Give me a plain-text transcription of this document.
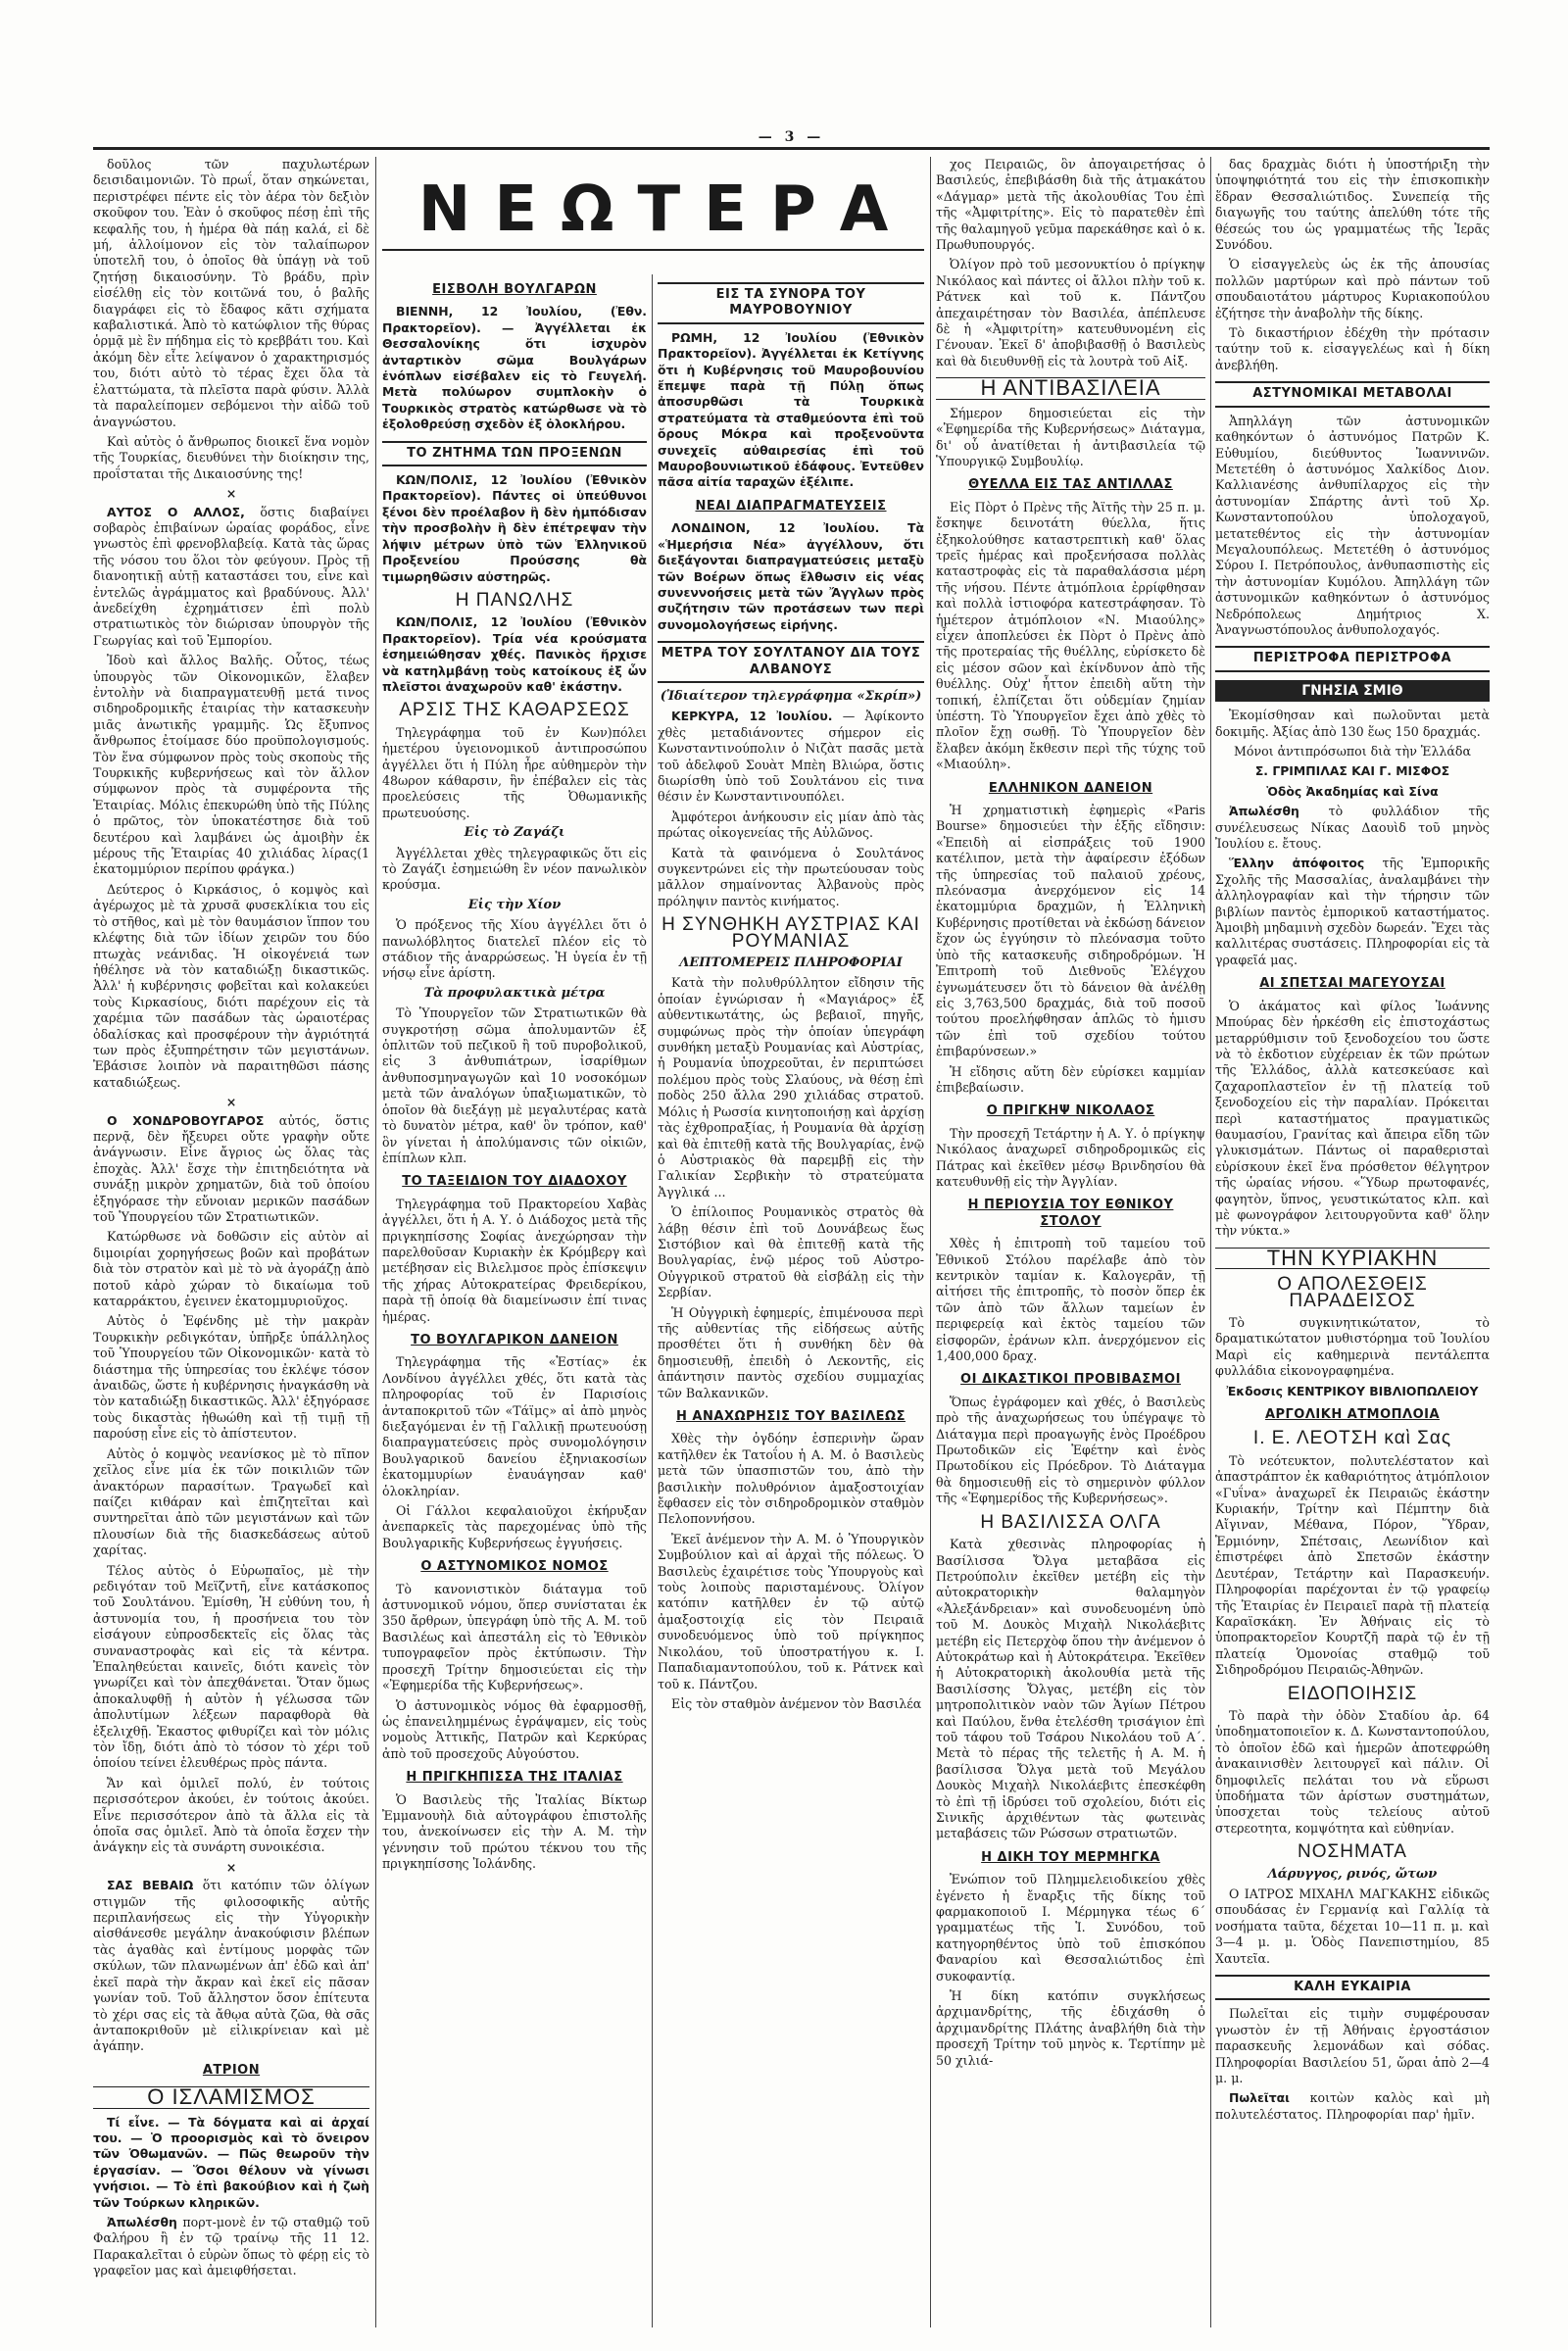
— 3 —

δοῦλος τῶν παχυλωτέρων δεισιδαιμονιῶν. Τὸ πρωΐ, ὅταν σηκώνεται, περιστρέφει πέντε εἰς τὸν ἀέρα τὸν δεξιὸν σκοῦφον του. Ἐὰν ὁ σκοῦφος πέσῃ ἐπὶ τῆς κεφαλῆς του, ἡ ἡμέρα θὰ πάῃ καλά, εἰ δὲ μή, ἀλλοίμονον εἰς τὸν ταλαίπωρον ὑποτελῆ του, ὁ ὁποῖος θὰ ὑπάγῃ νὰ τοῦ ζητήσῃ δικαιοσύνην. Τὸ βράδυ, πρὶν εἰσέλθῃ εἰς τὸν κοιτῶνά του, ὁ βαλῆς διαγράφει εἰς τὸ ἔδαφος κᾶτι σχήματα καβαλιστικά. Ἀπὸ τὸ κατώφλιον τῆς θύρας ὁρμᾷ μὲ ἓν πήδημα εἰς τὸ κρεββάτι του. Καὶ ἀκόμη δὲν εἶτε λείψανον ὁ χαρακτηρισμός του, διότι αὐτὸ τὸ τέρας ἔχει ὅλα τὰ ἐλαττώματα, τὰ πλεῖστα παρὰ φύσιν. Ἀλλὰ τὰ παραλείπομεν σεβόμενοι τὴν αἰδῶ τοῦ ἀναγνώστου.

Καὶ αὐτὸς ὁ ἄνθρωπος διοικεῖ ἕνα νομὸν τῆς Τουρκίας, διευθύνει τὴν διοίκησιν της, προΐσταται τῆς Δικαιοσύνης της!

×

ΑΥΤΟΣ Ο ΑΛΛΟΣ, ὅστις διαβαίνει σοβαρὸς ἐπιβαίνων ὡραίας φοράδος, εἶνε γνωστὸς ἐπὶ φρενοβλαβείᾳ. Κατὰ τὰς ὥρας τῆς νόσου του ὅλοι τὸν φεύγουν. Πρὸς τῇ διανοητικῇ αὐτῇ καταστάσει του, εἶνε καὶ ἐντελῶς ἀγράμματος καὶ βραδύνους. Ἀλλ' ἀνεδείχθη ἐχρημάτισεν ἐπὶ πολὺ στρατιωτικὸς τὸν διώρισαν ὑπουργὸν τῆς Γεωργίας καὶ τοῦ Ἐμπορίου.

Ἰδοὺ καὶ ἄλλος Βαλῆς. Οὗτος, τέως ὑπουργὸς τῶν Οἰκονομικῶν, ἔλαβεν ἐντολὴν νὰ διαπραγματευθῇ μετά τινος σιδηροδρομικῆς ἑταιρίας τὴν κατασκευὴν μιᾶς ἀνωτικῆς γραμμῆς. Ὡς ἔξυπνος ἄνθρωπος ἐτοίμασε δύο προϋπολογισμούς. Τὸν ἕνα σύμφωνον πρὸς τοὺς σκοποὺς τῆς Τουρκικῆς κυβερνήσεως καὶ τὸν ἄλλον σύμφωνον πρὸς τὰ συμφέροντα τῆς Ἑταιρίας. Μόλις ἐπεκυρώθη ὑπὸ τῆς Πύλης ὁ πρῶτος, τὸν ὑποκατέστησε διὰ τοῦ δευτέρου καὶ λαμβάνει ὡς ἀμοιβὴν ἐκ μέρους τῆς Ἑταιρίας 40 χιλιάδας λίρας(1 ἑκατομμύριον περίπου φράγκα.)

Δεύτερος ὁ Κιρκάσιος, ὁ κομψὸς καὶ ἀγέρωχος μὲ τὰ χρυσᾶ φυσεκλίκια του εἰς τὸ στῆθος, καὶ μὲ τὸν θαυμάσιον ἵππον του κλέφτης διὰ τῶν ἰδίων χειρῶν του δύο πτωχὰς νεάνιδας. Ἡ οἰκογένειά των ἠθέλησε νὰ τὸν καταδιώξῃ δικαστικῶς. Ἀλλ' ἡ κυβέρνησις φοβεῖται καὶ κολακεύει τοὺς Κιρκασίους, διότι παρέχουν εἰς τὰ χαρέμια τῶν πασάδων τὰς ὡραιοτέρας ὀδαλίσκας καὶ προσφέρουν τὴν ἀγριότητά των πρὸς ἐξυπηρέτησιν τῶν μεγιστάνων. Ἐβάσισε λοιπὸν νὰ παραιτηθῶσι πάσης καταδιώξεως.

×

Ο ΧΟΝΔΡΟΒΟΥΓΑΡΟΣ αὐτός, ὅστις περνᾷ, δὲν ἤξευρει οὔτε γραφὴν οὔτε ἀνάγνωσιν. Εἶνε ἄγριος ὡς ὅλας τὰς ἐποχὰς. Ἀλλ' ἔσχε τὴν ἐπιτηδειότητα νὰ συνάξῃ μικρὸν χρηματῶν, διὰ τοῦ ὁποίου ἐξηγόρασε τὴν εὔνοιαν μερικῶν πασάδων τοῦ Ὑπουργείου τῶν Στρατιωτικῶν.

Κατώρθωσε νὰ δοθῶσιν εἰς αὐτὸν αἱ διμοιρίαι χορηγήσεως βοῶν καὶ προβάτων διὰ τὸν στρατὸν καὶ μὲ τὸ νὰ ἀγοράζῃ ἀπὸ ποτοῦ κἀρὸ χώραν τὸ δικαίωμα τοῦ καταρράκτου, ἐγεινεν ἑκατομμυριοῦχος.

Αὐτὸς ὁ Ἐφένδης μὲ τὴν μακρὰν Τουρκικὴν ρεδιγκόταν, ὑπῆρξε ὑπάλληλος τοῦ Ὑπουργείου τῶν Οἰκονομικῶν· κατὰ τὸ διάστημα τῆς ὑπηρεσίας του ἐκλέψε τόσον ἀναιδῶς, ὥστε ἡ κυβέρνησις ἠναγκάσθη νὰ τὸν καταδιώξῃ δικαστικῶς. Ἀλλ' ἐξηγόρασε τοὺς δικαστὰς ἠθωώθη καὶ τῇ τιμῇ τῇ παρούσῃ εἶνε εἰς τὸ ἀπίστευτον.

Αὐτὸς ὁ κομψὸς νεανίσκος μὲ τὸ πῖπον χεῖλος εἶνε μία ἐκ τῶν ποικιλιῶν τῶν ἀνακτόρων παρασίτων. Τραγωδεῖ καὶ παίζει κιθάραν καὶ ἐπιζητεῖται καὶ συντηρεῖται ἀπὸ τῶν μεγιστάνων καὶ τῶν πλουσίων διὰ τῆς διασκεδάσεως αὐτοῦ χαρίτας.

Τέλος αὐτὸς ὁ Εὐρωπαῖος, μὲ τὴν ρεδιγόταν τοῦ Μεϊζντῆ, εἶνε κατάσκοπος τοῦ Σουλτάνου. Ἐμίσθη, Ἡ εὐθύνη του, ἡ ἀστυνομία του, ἡ προσήνεια του τὸν εἰσάγουν εὐπροσδεκτεῖς εἰς ὅλας τὰς συναναστροφὰς καὶ εἰς τὰ κέντρα. Ἐπαληθεύεται καινεῖς, διότι κανεὶς τὸν γνωρίζει καὶ τὸν ἀπεχθάνεται. Ὅταν ὅμως ἀποκαλυφθῇ ἡ αὐτὸν ἡ γέλωσσα τῶν ἀπολυτίμων λέξεων παραφθορὰ θὰ ἐξελιχθῇ. Ἐκαστος φιθυρίζει καὶ τὸν μόλις τὸν ἴδῃ, διότι ἀπὸ τὸ τόσον τὸ χέρι τοῦ ὁποίου τείνει ἐλευθέρως πρὸς πάντα.

Ἄν καὶ ὁμιλεῖ πολύ, ἐν τούτοις περισσότερον ἀκούει, ἐν τούτοις ἀκούει. Εἶνε περισσότερον ἀπὸ τὰ ἄλλα εἰς τὰ ὁποῖα σας ὁμιλεῖ. Ἀπὸ τὰ ὁποῖα ἔσχεν τὴν ἀνάγκην εἰς τὰ συνάρτη συνοικέσια.

×

ΣΑΣ ΒΕΒΑΙΩ ὅτι κατόπιν τῶν ὀλίγων στιγμῶν τῆς φιλοσοφικῆς αὐτῆς περιπλανήσεως εἰς τὴν Υὐγορικὴν αἰσθάνεσθε μεγάλην ἀνακούφισιν βλέπων τὰς ἀγαθὰς καὶ ἐντίμους μορφὰς τῶν σκύλων, τῶν πλανωμένων ἀπ' ἐδῶ καὶ ἀπ' ἐκεῖ παρὰ τὴν ἄκραν καὶ ἐκεῖ εἰς πᾶσαν γωνίαν τοῦ. Τοῦ ἄλληστον ὅσον ἐπίτευτα τὸ χέρι σας εἰς τὰ ἄθῳα αὐτὰ ζῶα, θὰ σᾶς ἀνταποκριθοῦν μὲ εἰλικρίνειαν καὶ μὲ ἀγάπην.

ΑΤΡΙΟΝ
Ο ΙΣΛΑΜΙΣΜΟΣ

Τί εἶνε. — Τὰ δόγματα καὶ αἱ ἀρχαί του. — Ὁ προορισμὸς καὶ τὸ ὄνειρον τῶν Ὀθωμανῶν. — Πῶς θεωροῦν τὴν ἐργασίαν. — Ὅσοι θέλουν νὰ γίνωσι γνήσιοι. — Τὸ ἐπὶ βακούβιον καὶ ἡ ζωὴ τῶν Τούρκων κληρικῶν.

Ἀπωλέσθη πορτ-μονὲ ἐν τῷ σταθμῷ τοῦ Φαλήρου ἢ ἐν τῷ τραίνῳ τῆς 11 12. Παρακαλεῖται ὁ εὑρὼν ὅπως τὸ φέρῃ εἰς τὸ γραφεῖον μας καὶ ἀμειφθήσεται.

ΝΕΩΤΕΡΑ
ΕΙΣΒΟΛΗ ΒΟΥΛΓΑΡΩΝ

ΒΙΕΝΝΗ, 12 Ἰουλίου, (Ἐθν. Πρακτορεῖον). — Ἀγγέλλεται ἐκ Θεσσαλονίκης ὅτι ἰσχυρὸν ἀνταρτικὸν σῶμα Βουλγάρων ἐνόπλων εἰσέβαλεν εἰς τὸ Γευγελή. Μετὰ πολύωρον συμπλοκὴν ὁ Τουρκικὸς στρατὸς κατώρθωσε νὰ τὸ ἐξολοθρεύσῃ σχεδὸν ἐξ ὁλοκλήρου.

ΤΟ ΖΗΤΗΜΑ ΤΩΝ ΠΡΟΞΕΝΩΝ

ΚΩΝ/ΠΟΛΙΣ, 12 Ἰουλίου (Ἐθνικὸν Πρακτορεῖον). Πάντες οἱ ὑπεύθυνοι ξένοι δὲν προέλαβον ἢ δὲν ἠμπόδισαν τὴν προσβολὴν ἢ δὲν ἐπέτρεψαν τὴν λήψιν μέτρων ὑπὸ τῶν Ἑλληνικοῦ Προξενείου Προύσσης θὰ τιμωρηθῶσιν αὐστηρῶς.

Η ΠΑΝΩΛΗΣ

ΚΩΝ/ΠΟΛΙΣ, 12 Ἰουλίου (Ἐθνικὸν Πρακτορεῖον). Τρία νέα κρούσματα ἐσημειώθησαν χθές. Πανικὸς ἤρχισε νὰ κατηλμβάνῃ τοὺς κατοίκους ἐξ ὧν πλεῖστοι ἀναχωροῦν καθ' ἑκάστην.

ΑΡΣΙΣ ΤΗΣ ΚΑΘΑΡΣΕΩΣ

Τηλεγράφημα τοῦ ἐν Κων)πόλει ἡμετέρου ὑγειονομικοῦ ἀντιπροσώπου ἀγγέλλει ὅτι ἡ Πύλη ἦρε αὐθημερὸν τὴν 48ωρον κάθαρσιν, ἣν ἐπέβαλεν εἰς τὰς προελεύσεις τῆς Ὀθωμανικῆς πρωτευούσης.

Εἰς τὸ Ζαγάζι

Ἀγγέλλεται χθὲς τηλεγραφικῶς ὅτι εἰς τὸ Ζαγάζι ἐσημειώθη ἓν νέον πανωλικὸν κρούσμα.

Εἰς τὴν Χίον

Ὁ πρόξενος τῆς Χίου ἀγγέλλει ὅτι ὁ πανωλόβλητος διατελεῖ πλέον εἰς τὸ στάδιον τῆς ἀναρρώσεως. Ἡ ὑγεία ἐν τῇ νήσῳ εἶνε ἀρίστη.

Τὰ προφυλακτικὰ μέτρα

Τὸ Ὑπουργεῖον τῶν Στρατιωτικῶν θὰ συγκροτήσῃ σῶμα ἀπολυμαντῶν ἐξ ὁπλιτῶν τοῦ πεζικοῦ ἢ τοῦ πυροβολικοῦ, εἰς 3 ἀνθυπιάτρων, ἰσαρίθμων ἀνθυποσμηναγωγῶν καὶ 10 νοσοκόμων μετὰ τῶν ἀναλόγων ὑπαξιωματικῶν, τὸ ὁποῖον θὰ διεξάγῃ μὲ μεγαλυτέρας κατὰ τὸ δυνατὸν μέτρα, καθ' ὃν τρόπον, καθ' ὃν γίνεται ἡ ἀπολύμανσις τῶν οἰκιῶν, ἐπίπλων κλπ.

ΤΟ ΤΑΞΕΙΔΙΟΝ ΤΟΥ ΔΙΑΔΟΧΟΥ

Τηλεγράφημα τοῦ Πρακτορείου Χαβὰς ἀγγέλλει, ὅτι ἡ Α. Υ. ὁ Διάδοχος μετὰ τῆς πριγκηπίσσης Σοφίας ἀνεχώρησαν τὴν παρελθοῦσαν Κυριακὴν ἐκ Κρόμβεργ καὶ μετέβησαν εἰς Βιλελμσοε πρὸς ἐπίσκεψιν τῆς χήρας Αὐτοκρατείρας Φρειδερίκου, παρὰ τῇ ὁποίᾳ θὰ διαμείνωσιν ἐπί τινας ἡμέρας.

ΤΟ ΒΟΥΛΓΑΡΙΚΟΝ ΔΑΝΕΙΟΝ

Τηλεγράφημα τῆς «Ἑστίας» ἐκ Λονδίνου ἀγγέλλει χθές, ὅτι κατὰ τὰς πληροφορίας τοῦ ἐν Παρισίοις ἀνταποκριτοῦ τῶν «Τάϊμς» αἱ ἀπὸ μηνὸς διεξαγόμεναι ἐν τῇ Γαλλικῇ πρωτευούσῃ διαπραγματεύσεις πρὸς συνομολόγησιν Βουλγαρικοῦ δανείου ἐξηνιακοσίων ἑκατομμυρίων ἐναυάγησαν καθ' ὁλοκληρίαν.

Οἱ Γάλλοι κεφαλαιοῦχοι ἐκήρυξαν ἀνεπαρκεῖς τὰς παρεχομένας ὑπὸ τῆς Βουλγαρικῆς Κυβερνήσεως ἐγγυήσεις.

Ο ΑΣΤΥΝΟΜΙΚΟΣ ΝΟΜΟΣ

Τὸ κανονιστικὸν διάταγμα τοῦ ἀστυνομικοῦ νόμου, ὅπερ συνίσταται ἐκ 350 ἄρθρων, ὑπεγράφη ὑπὸ τῆς Α. Μ. τοῦ Βασιλέως καὶ ἀπεστάλη εἰς τὸ Ἐθνικὸν τυπογραφεῖον πρὸς ἐκτύπωσιν. Τὴν προσεχῆ Τρίτην δημοσιεύεται εἰς τὴν «Ἐφημερίδα τῆς Κυβερνήσεως».

Ὁ ἀστυνομικὸς νόμος θὰ ἐφαρμοσθῇ, ὡς ἐπανειλημμένως ἐγράψαμεν, εἰς τοὺς νομοὺς Ἀττικῆς, Πατρῶν καὶ Κερκύρας ἀπὸ τοῦ προσεχοῦς Αὐγούστου.

Η ΠΡΙΓΚΗΠΙΣΣΑ ΤΗΣ ΙΤΑΛΙΑΣ

Ὁ Βασιλεὺς τῆς Ἰταλίας Βίκτωρ Ἐμμανουὴλ διὰ αὐτογράφου ἐπιστολῆς του, ἀνεκοίνωσεν εἰς τὴν Α. Μ. τὴν γέννησιν τοῦ πρώτου τέκνου του τῆς πριγκηπίσσης Ἰολάνδης.

ΕΙΣ ΤΑ ΣΥΝΟΡΑ ΤΟΥ ΜΑΥΡΟΒΟΥΝΙΟΥ

ΡΩΜΗ, 12 Ἰουλίου (Ἐθνικὸν Πρακτορεῖον). Ἀγγέλλεται ἐκ Κετίγνης ὅτι ἡ Κυβέρνησις τοῦ Μαυροβουνίου ἔπεμψε παρὰ τῇ Πύλῃ ὅπως ἀποσυρθῶσι τὰ Τουρκικὰ στρατεύματα τὰ σταθμεύοντα ἐπὶ τοῦ ὄρους Μόκρα καὶ προξενοῦντα συνεχεῖς αὐθαιρεσίας ἐπὶ τοῦ Μαυροβουνιωτικοῦ ἐδάφους. Ἐντεῦθεν πᾶσα αἰτία ταραχῶν ἐξέλιπε.

ΝΕΑΙ ΔΙΑΠΡΑΓΜΑΤΕΥΣΕΙΣ

ΛΟΝΔΙΝΟΝ, 12 Ἰουλίου. Τὰ «Ἡμερήσια Νέα» ἀγγέλλουν, ὅτι διεξάγονται διαπραγματεύσεις μεταξὺ τῶν Βοέρων ὅπως ἔλθωσιν εἰς νέας συνεννοήσεις μετὰ τῶν Ἄγγλων πρὸς συζήτησιν τῶν προτάσεων των περὶ συνομολογήσεως εἰρήνης.

ΜΕΤΡΑ ΤΟΥ ΣΟΥΛΤΑΝΟΥ ΔΙΑ ΤΟΥΣ ΑΛΒΑΝΟΥΣ
(Ἰδιαίτερον τηλεγράφημα «Σκρίπ»)

ΚΕΡΚΥΡΑ, 12 Ἰουλίου. — Ἀφίκοντο χθὲς μεταδιάνοντες σήμερον εἰς Κωνσταντινούπολιν ὁ Νιζὰτ πασᾶς μετὰ τοῦ ἀδελφοῦ Σουὰτ Μπὲη Βλιώρα, ὅστις διωρίσθη ὑπὸ τοῦ Σουλτάνου εἰς τινα θέσιν ἐν Κωνσταντινουπόλει.

Ἀμφότεροι ἀνήκουσιν εἰς μίαν ἀπὸ τὰς πρώτας οἰκογενείας τῆς Αὐλῶνος.

Κατὰ τὰ φαινόμενα ὁ Σουλτάνος συγκεντρώνει εἰς τὴν πρωτεύουσαν τοὺς μᾶλλον σημαίνοντας Ἀλβανοὺς πρὸς πρόληψιν παντὸς κινήματος.

Η ΣΥΝΘΗΚΗ ΑΥΣΤΡΙΑΣ ΚΑΙ ΡΟΥΜΑΝΙΑΣ
ΛΕΠΤΟΜΕΡΕΙΣ ΠΛΗΡΟΦΟΡΙΑΙ

Κατὰ τὴν πολυθρύλλητον εἴδησιν τῆς ὁποίαν ἐγνώρισαν ἡ «Μαγιάρος» ἐξ αὐθεντικωτάτης, ὡς βεβαιοῖ, πηγῆς, συμφώνως πρὸς τὴν ὁποίαν ὑπεγράφη συνθήκη μεταξὺ Ρουμανίας καὶ Αὐστρίας, ἡ Ρουμανία ὑποχρεοῦται, ἐν περιπτώσει πολέμου πρὸς τοὺς Σλαύους, νὰ θέσῃ ἐπὶ ποδὸς 250 ἄλλα 290 χιλιάδας στρατοῦ. Μόλις ἡ Ρωσσία κινητοποιήσῃ καὶ ἀρχίσῃ τὰς ἐχθροπραξίας, ἡ Ρουμανία θὰ ἀρχίσῃ καὶ θὰ ἐπιτεθῇ κατὰ τῆς Βουλγαρίας, ἐνῷ ὁ Αὐστριακὸς θὰ παρεμβῇ εἰς τὴν Γαλικίαν Σερβικὴν τὸ στρατεύματα Ἀγγλικά ...

Ὁ ἐπίλοιπος Ρουμανικὸς στρατὸς θὰ λάβῃ θέσιν ἐπὶ τοῦ Δουνάβεως ἕως Σιστόβιον καὶ θὰ ἐπιτεθῇ κατὰ τῆς Βουλγαρίας, ἐνῷ μέρος τοῦ Αὐστρο-Οὐγγρικοῦ στρατοῦ θὰ εἰσβάλῃ εἰς τὴν Σερβίαν.

Ἡ Οὐγγρικὴ ἐφημερίς, ἐπιμένουσα περὶ τῆς αὐθεντίας τῆς εἰδήσεως αὐτῆς προσθέτει ὅτι ἡ συνθήκη δὲν θὰ δημοσιευθῇ, ἐπειδὴ ὁ Λεκοντῆς, εἰς ἀπάντησιν παντὸς σχεδίου συμμαχίας τῶν Βαλκανικῶν.

Η ΑΝΑΧΩΡΗΣΙΣ ΤΟΥ ΒΑΣΙΛΕΩΣ

Χθὲς τὴν ὀγδόην ἑσπερινὴν ὥραν κατῆλθεν ἐκ Τατοΐου ἡ Α. Μ. ὁ Βασιλεὺς μετὰ τῶν ὑπασπιστῶν του, ἀπὸ τὴν βασιλικὴν πολυθρόνιον ἀμαξοστοιχίαν ἔφθασεν εἰς τὸν σιδηροδρομικὸν σταθμὸν Πελοποννήσου.

Ἐκεῖ ἀνέμενον τὴν Α. Μ. ὁ Ὑπουργικὸν Συμβούλιον καὶ αἱ ἀρχαὶ τῆς πόλεως. Ὁ Βασιλεὺς ἐχαιρέτισε τοὺς Ὑπουργοὺς καὶ τοὺς λοιποὺς παρισταμένους. Ὀλίγον κατόπιν κατῆλθεν ἐν τῷ αὐτῷ ἀμαξοστοιχίᾳ εἰς τὸν Πειραιᾶ συνοδευόμενος ὑπὸ τοῦ πρίγκηπος Νικολάου, τοῦ ὑποστρατήγου κ. Ι. Παπαδιαμαντοπούλου, τοῦ κ. Ράτνεκ καὶ τοῦ κ. Πάντζου.

Εἰς τὸν σταθμὸν ἀνέμενον τὸν Βασιλέα

χος Πειραιῶς, ὃν ἀπογαιρετήσας ὁ Βασιλεύς, ἐπεβιβάσθη διὰ τῆς ἀτμακάτου «Δάγμαρ» μετὰ τῆς ἀκολουθίας Του ἐπὶ τῆς «Ἀμφιτρίτης». Εἰς τὸ παρατεθὲν ἐπὶ τῆς θαλαμηγοῦ γεῦμα παρεκάθησε καὶ ὁ κ. Πρωθυπουργός.

Ὀλίγον πρὸ τοῦ μεσονυκτίου ὁ πρίγκηψ Νικόλαος καὶ πάντες οἱ ἄλλοι πλὴν τοῦ κ. Ράτνεκ καὶ τοῦ κ. Πάντζου ἀπεχαιρέτησαν τὸν Βασιλέα, ἀπέπλευσε δὲ ἡ «Ἀμφιτρίτη» κατευθυνομένη εἰς Γένουαν. Ἐκεῖ δ' ἀποβιβασθῇ ὁ Βασιλεὺς καὶ θὰ διευθυνθῇ εἰς τὰ λουτρὰ τοῦ Αἰξ.

Η ΑΝΤΙΒΑΣΙΛΕΙΑ

Σήμερον δημοσιεύεται εἰς τὴν «Ἐφημερίδα τῆς Κυβερνήσεως» Διάταγμα, δι' οὗ ἀνατίθεται ἡ ἀντιβασιλεία τῷ Ὑπουργικῷ Συμβουλίῳ.

ΘΥΕΛΛΑ ΕΙΣ ΤΑΣ ΑΝΤΙΛΛΑΣ

Εἰς Πὸρτ ὀ Πρὲνς τῆς Ἀϊτῆς τὴν 25 π. μ. ἔσκηψε δεινοτάτη θύελλα, ἥτις ἐξηκολούθησε καταστρεπτικὴ καθ' ὅλας τρεῖς ἡμέρας καὶ προξενήσασα πολλὰς καταστροφὰς εἰς τὰ παραθαλάσσια μέρη τῆς νήσου. Πέντε ἀτμόπλοια ἐρρίφθησαν καὶ πολλὰ ἱστιοφόρα κατεστράφησαν. Τὸ ἡμέτερον ἀτμόπλοιον «Ν. Μιαούλης» εἶχεν ἀποπλεύσει ἐκ Πὸρτ ὀ Πρὲνς ἀπὸ τῆς προτεραίας τῆς θυέλλης, εὑρίσκετο δὲ εἰς μέσον σῶον καὶ ἐκίνδυνον ἀπὸ τῆς θυέλλης. Οὐχ' ἧττον ἐπειδὴ αὕτη τὴν τοπική, ἐλπίζεται ὅτι οὐδεμίαν ζημίαν ὑπέστη. Τὸ Ὑπουργεῖον ἔχει ἀπὸ χθὲς τὸ πλοῖον ἔχῃ σωθῇ. Τὸ Ὑπουργεῖον δὲν ἔλαβεν ἀκόμη ἔκθεσιν περὶ τῆς τύχης τοῦ «Μιαούλη».

ΕΛΛΗΝΙΚΟΝ ΔΑΝΕΙΟΝ

Ἡ χρηματιστικὴ ἐφημερὶς «Paris Bourse» δημοσιεύει τὴν ἑξῆς εἴδησιν: «Ἐπειδὴ αἱ εἰσπράξεις τοῦ 1900 κατέλιπον, μετὰ τὴν ἀφαίρεσιν ἐξόδων τῆς ὑπηρεσίας τοῦ παλαιοῦ χρέους, πλεόνασμα ἀνερχόμενον εἰς 14 ἑκατομμύρια δραχμῶν, ἡ Ἑλληνικὴ Κυβέρνησις προτίθεται νὰ ἐκδώσῃ δάνειον ἔχον ὡς ἐγγύησιν τὸ πλεόνασμα τοῦτο ὑπὸ τῆς κατασκευῆς σιδηροδρόμων. Ἡ Ἐπιτροπὴ τοῦ Διεθνοῦς Ἐλέγχου ἐγνωμάτευσεν ὅτι τὸ δάνειον θὰ ἀνέλθῃ εἰς 3,763,500 δραχμάς, διὰ τοῦ ποσοῦ τούτου προελήφθησαν ἁπλῶς τὸ ἡμισυ τῶν ἐπὶ τοῦ σχεδίου τούτου ἐπιβαρύνσεων.»

Ἡ εἴδησις αὕτη δὲν εὑρίσκει καμμίαν ἐπιβεβαίωσιν.

Ο ΠΡΙΓΚΗΨ ΝΙΚΟΛΑΟΣ

Τὴν προσεχῆ Τετάρτην ἡ Α. Υ. ὁ πρίγκηψ Νικόλαος ἀναχωρεῖ σιδηροδρομικῶς εἰς Πάτρας καὶ ἐκεῖθεν μέσῳ Βρινδησίου θὰ κατευθυνθῇ εἰς τὴν Ἀγγλίαν.

Η ΠΕΡΙΟΥΣΙΑ ΤΟΥ ΕΘΝΙΚΟΥ ΣΤΟΛΟΥ

Χθὲς ἡ ἐπιτροπὴ τοῦ ταμείου τοῦ Ἐθνικοῦ Στόλου παρέλαβε ἀπὸ τὸν κεντρικὸν ταμίαν κ. Καλογερᾶν, τῇ αἰτήσει τῆς ἐπιτροπῆς, τὸ ποσὸν ὅπερ ἐκ τῶν ἀπὸ τῶν ἄλλων ταμείων ἐν περιφερείᾳ καὶ ἐκτὸς ταμείου τῶν εἰσφορῶν, ἐράνων κλπ. ἀνερχόμενον εἰς 1,400,000 δραχ.

ΟΙ ΔΙΚΑΣΤΙΚΟΙ ΠΡΟΒΙΒΑΣΜΟΙ

Ὅπως ἐγράφομεν καὶ χθές, ὁ Βασιλεὺς πρὸ τῆς ἀναχωρήσεως του ὑπέγραψε τὸ Διάταγμα περὶ προαγωγῆς ἑνὸς Προέδρου Πρωτοδικῶν εἰς Ἐφέτην καὶ ἑνὸς Πρωτοδίκου εἰς Πρόεδρον. Τὸ Διάταγμα θὰ δημοσιευθῇ εἰς τὸ σημερινὸν φύλλον τῆς «Ἐφημερίδος τῆς Κυβερνήσεως».

Η ΒΑΣΙΛΙΣΣΑ ΟΛΓΑ

Κατὰ χθεσινὰς πληροφορίας ἡ Βασίλισσα Ὄλγα μεταβᾶσα εἰς Πετρούπολιν ἐκεῖθεν μετέβη εἰς τὴν αὐτοκρατορικὴν θαλαμηγὸν «Ἀλεξάνδρειαν» καὶ συνοδευομένη ὑπὸ τοῦ Μ. Δουκὸς Μιχαὴλ Νικολάεβιτς μετέβη εἰς Πετερχὸφ ὅπου τὴν ἀνέμενον ὁ Αὐτοκράτωρ καὶ ἡ Αὐτοκράτειρα. Ἐκεῖθεν ἡ Αὐτοκρατορικὴ ἀκολουθία μετὰ τῆς Βασιλίσσης Ὄλγας, μετέβη εἰς τὸν μητροπολιτικὸν ναὸν τῶν Ἁγίων Πέτρου καὶ Παύλου, ἔνθα ἐτελέσθη τρισάγιον ἐπὶ τοῦ τάφου τοῦ Τσάρου Νικολάου τοῦ Α΄. Μετὰ τὸ πέρας τῆς τελετῆς ἡ Α. Μ. ἡ βασίλισσα Ὄλγα μετὰ τοῦ Μεγάλου Δουκὸς Μιχαὴλ Νικολάεβιτς ἐπεσκέφθη τὸ ἐπὶ τῇ ἰδρύσει τοῦ σχολείου, διότι εἰς Σινικῆς ἀρχιθέντων τὰς φωτεινὰς μεταβάσεις τῶν Ρώσσων στρατιωτῶν.

Η ΔΙΚΗ ΤΟΥ ΜΕΡΜΗΓΚΑ

Ἐνώπιον τοῦ Πλημμελειοδικείου χθὲς ἐγένετο ἡ ἔναρξις τῆς δίκης τοῦ φαρμακοποιοῦ Ι. Μέρμηγκα τέως 6΄ γραμματέως τῆς Ἱ. Συνόδου, τοῦ κατηγορηθέντος ὑπὸ τοῦ ἐπισκόπου Φαναρίου καὶ Θεσσαλιώτιδος ἐπὶ συκοφαντίᾳ.

Ἡ δίκη κατόπιν συγκλήσεως ἀρχιμανδρίτης, τῆς ἐδιχάσθη ὁ ἀρχιμανδρίτης Πλάτης ἀναβλήθη διὰ τὴν προσεχῆ Τρίτην τοῦ μηνὸς κ. Τερτίπην μὲ 50 χιλιά-

δας δραχμὰς διότι ἡ ὑποστήριξη τὴν ὑποψηφιότητά του εἰς τὴν ἐπισκοπικὴν ἕδραν Θεσσαλιώτιδος. Συνεπείᾳ τῆς διαγωγῆς του ταύτης ἀπελύθη τότε τῆς θέσεώς του ὡς γραμματέως τῆς Ἱερᾶς Συνόδου.

Ὁ εἰσαγγελεὺς ὡς ἐκ τῆς ἀπουσίας πολλῶν μαρτύρων καὶ πρὸ πάντων τοῦ σπουδαιοτάτου μάρτυρος Κυριακοπούλου ἐζήτησε τὴν ἀναβολὴν τῆς δίκης.

Τὸ δικαστήριον ἐδέχθη τὴν πρότασιν ταύτην τοῦ κ. εἰσαγγελέως καὶ ἡ δίκη ἀνεβλήθη.

ΑΣΤΥΝΟΜΙΚΑΙ ΜΕΤΑΒΟΛΑΙ

Ἀπηλλάγη τῶν ἀστυνομικῶν καθηκόντων ὁ ἀστυνόμος Πατρῶν Κ. Εὐθυμίου, διεύθυντος Ἰωαννινῶν. Μετετέθη ὁ ἀστυνόμος Χαλκίδος Διον. Καλλιανέσης ἀνθυπίλαρχος εἰς τὴν ἀστυνομίαν Σπάρτης ἀντὶ τοῦ Χρ. Κωνσταντοπούλου ὑπολοχαγοῦ, μετατεθέντος εἰς τὴν ἀστυνομίαν Μεγαλουπόλεως. Μετετέθη ὁ ἀστυνόμος Σύρου Ι. Πετρόπουλος, ἀνθυπασπιστὴς εἰς τὴν ἀστυνομίαν Κυμόλου. Ἀπηλλάγη τῶν ἀστυνομικῶν καθηκόντων ὁ ἀστυνόμος Νεδρόπολεως Δημήτριος Χ. Ἀναγνωστόπουλος ἀνθυπολοχαγός.

ΠΕΡΙΣΤΡΟΦΑ ΠΕΡΙΣΤΡΟΦΑ
ΓΝΗΣΙΑ ΣΜΙΘ

Ἐκομίσθησαν καὶ πωλοῦνται μετὰ δοκιμῆς. Ἀξίας ἀπὸ 130 ἕως 150 δραχμάς.

Μόνοι ἀντιπρόσωποι διὰ τὴν Ἑλλάδα

Σ. ΓΡΙΜΠΙΛΑΣ ΚΑΙ Γ. ΜΙΣΦΟΣ

Ὁδὸς Ἀκαδημίας καὶ Σίνα

Ἀπωλέσθη τὸ φυλλάδιον τῆς συνέλευσεως Νίκας Δαουὶδ τοῦ μηνὸς Ἰουλίου ε. ἔτους.

Ἕλλην ἀπόφοιτος τῆς Ἐμπορικῆς Σχολῆς τῆς Μασσαλίας, ἀναλαμβάνει τὴν ἀλληλογραφίαν καὶ τὴν τήρησιν τῶν βιβλίων παντὸς ἐμπορικοῦ καταστήματος. Ἀμοιβὴ μηδαμινὴ σχεδὸν δωρεάν. Ἔχει τὰς καλλιτέρας συστάσεις. Πληροφορίαι εἰς τὰ γραφεῖά μας.

ΑΙ ΣΠΕΤΣΑΙ ΜΑΓΕΥΟΥΣΑΙ

Ὁ ἀκάματος καὶ φίλος Ἰωάννης Μπούρας δὲν ἠρκέσθη εἰς ἐπιστοχάστως μεταρρύθμισιν τοῦ ξενοδοχείου του ὥστε νὰ τὸ ἐκδοτιον εὐχέρειαν ἐκ τῶν πρώτων τῆς Ἑλλάδος, ἀλλὰ κατεσκεύασε καὶ ζαχαροπλαστεῖον ἐν τῇ πλατείᾳ τοῦ ξενοδοχείου εἰς τὴν παραλίαν. Πρόκειται περὶ καταστήματος πραγματικῶς θαυμασίου, Γρανίτας καὶ ἄπειρα εἴδη τῶν γλυκισμάτων. Πάντως οἱ παραθερισταὶ εὐρίσκουν ἐκεῖ ἕνα πρόσθετον θέλγητρον τῆς ὡραίας νήσου. «Ὕδωρ πρωτοφανές, φαγητὸν, ὕπνος, γευστικώτατος κλπ. καὶ μὲ φωνογράφον λειτουργοῦντα καθ' ὅλην τὴν νύκτα.»

ΤΗΝ ΚΥΡΙΑΚΗΝ
Ο ΑΠΟΛΕΣΘΕΙΣ ΠΑΡΑΔΕΙΣΟΣ

Τὸ συγκινητικώτατον, τὸ δραματικώτατον μυθιστόρημα τοῦ Ἰουλίου Μαρὶ εἰς καθημερινὰ πεντάλεπτα φυλλάδια εἰκονογραφημένα.

Ἐκδοσις ΚΕΝΤΡΙΚΟΥ ΒΙΒΛΙΟΠΩΛΕΙΟΥ

ΑΡΓΟΛΙΚΗ ΑΤΜΟΠΛΟΙΑ
Ι. Ε. ΛΕΟΤΣΗ καὶ Σας

Τὸ νεότευκτον, πολυτελέστατον καὶ ἀπαστράπτον ἐκ καθαριότητος ἀτμόπλοιον «Γυΐνα» ἀναχωρεῖ ἐκ Πειραιῶς ἑκάστην Κυριακήν, Τρίτην καὶ Πέμπτην διὰ Αἴγιναν, Μέθανα, Πόρον, Ὕδραν, Ἑρμιόνην, Σπέτσαις, Λεωνίδιον καὶ ἐπιστρέφει ἀπὸ Σπετσῶν ἑκάστην Δευτέραν, Τετάρτην καὶ Παρασκευήν. Πληροφορίαι παρέχονται ἐν τῷ γραφείῳ τῆς Ἑταιρίας ἐν Πειραιεῖ παρὰ τῇ πλατείᾳ Καραϊσκάκη. Ἐν Ἀθήναις εἰς τὸ ὑποπρακτορεῖον Κουρτζῆ παρὰ τῷ ἐν τῇ πλατείᾳ Ὁμονοίας σταθμῷ τοῦ Σιδηροδρόμου Πειραιῶς-Ἀθηνῶν.

ΕΙΔΟΠΟΙΗΣΙΣ

Τὸ παρὰ τὴν ὁδὸν Σταδίου ἀρ. 64 ὑποδηματοποιεῖον κ. Δ. Κωνσταντοπούλου, τὸ ὁποῖον ἐδῶ καὶ ἡμερῶν ἀποτεφρώθη ἀνακαινισθὲν λειτουργεῖ καὶ πάλιν. Οἱ δημοφιλεῖς πελάται του νὰ εὕρωσι ὑποδήματα τῶν ἀρίστων συστημάτων, ὑποσχεται τοὺς τελείους αὐτοῦ στερεοτητα, κομψότητα καὶ εὐθηνίαν.

ΝΟΣΗΜΑΤΑ
Λάρυγγος, ρινός, ὤτων

Ο ΙΑΤΡΟΣ ΜΙΧΑΗΛ ΜΑΓΚΑΚΗΣ εἰδικῶς σπουδάσας ἐν Γερμανίᾳ καὶ Γαλλίᾳ τὰ νοσήματα ταῦτα, δέχεται 10—11 π. μ. καὶ 3—4 μ. μ. Ὁδὸς Πανεπιστημίου, 85 Χαυτεῖα.

ΚΑΛΗ ΕΥΚΑΙΡΙΑ

Πωλεῖται εἰς τιμὴν συμφέρουσαν γνωστὸν ἐν τῇ Ἀθήναις ἐργοστάσιον παρασκευῆς λεμονάδων καὶ σόδας. Πληροφορίαι Βασιλείου 51, ὥραι ἀπὸ 2—4 μ. μ.

Πωλεῖται κοιτὼν καλὸς καὶ μὴ πολυτελέστατος. Πληροφορίαι παρ' ἡμῖν.
